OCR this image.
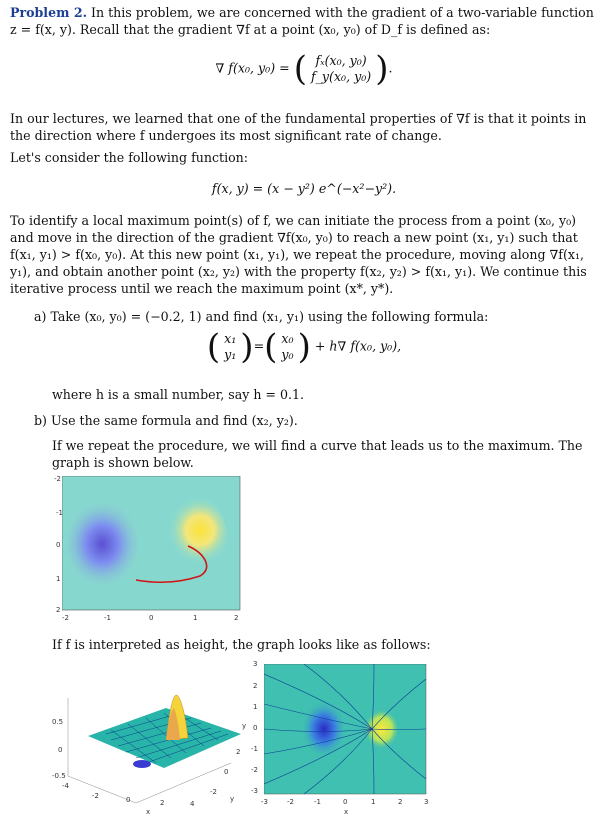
Problem 2. In this problem, we are concerned with the gradient of a two-variable function z = f(x, y). Recall that the gradient ∇f at a point (x₀, y₀) of D_f is defined as:
∇ f(x₀, y₀) = ( fₓ(x₀, y₀)
f_y(x₀, y₀) ).
In our lectures, we learned that one of the fundamental properties of ∇f is that it points in the direction where f undergoes its most significant rate of change.
Let's consider the following function:
f(x, y) = (x − y²) e^(−x²−y²).
To identify a local maximum point(s) of f, we can initiate the process from a point (x₀, y₀) and move in the direction of the gradient ∇f(x₀, y₀) to reach a new point (x₁, y₁) such that f(x₁, y₁) > f(x₀, y₀). At this new point (x₁, y₁), we repeat the procedure, moving along ∇f(x₁, y₁), and obtain another point (x₂, y₂) with the property f(x₂, y₂) > f(x₁, y₁). We continue this iterative process until we reach the maximum point (x*, y*).
a) Take (x₀, y₀) = (−0.2, 1) and find (x₁, y₁) using the following formula:
( x₁
y₁ )=( x₀
y₀ ) + h∇ f(x₀, y₀),
where h is a small number, say h = 0.1.
b) Use the same formula and find (x₂, y₂).
If we repeat the procedure, we will find a curve that leads us to the maximum. The graph is shown below.
-2
-1
0
1
2
-2	-1	0	1	2
If f is interpreted as height, the graph looks like as follows:
0.5
0
-0.5
-4
-2	0	2	4
2
0
-2
x
y
3
2
1
0
-1
-2
-3
y
-3	-2	-1	0	1	2	3
x
